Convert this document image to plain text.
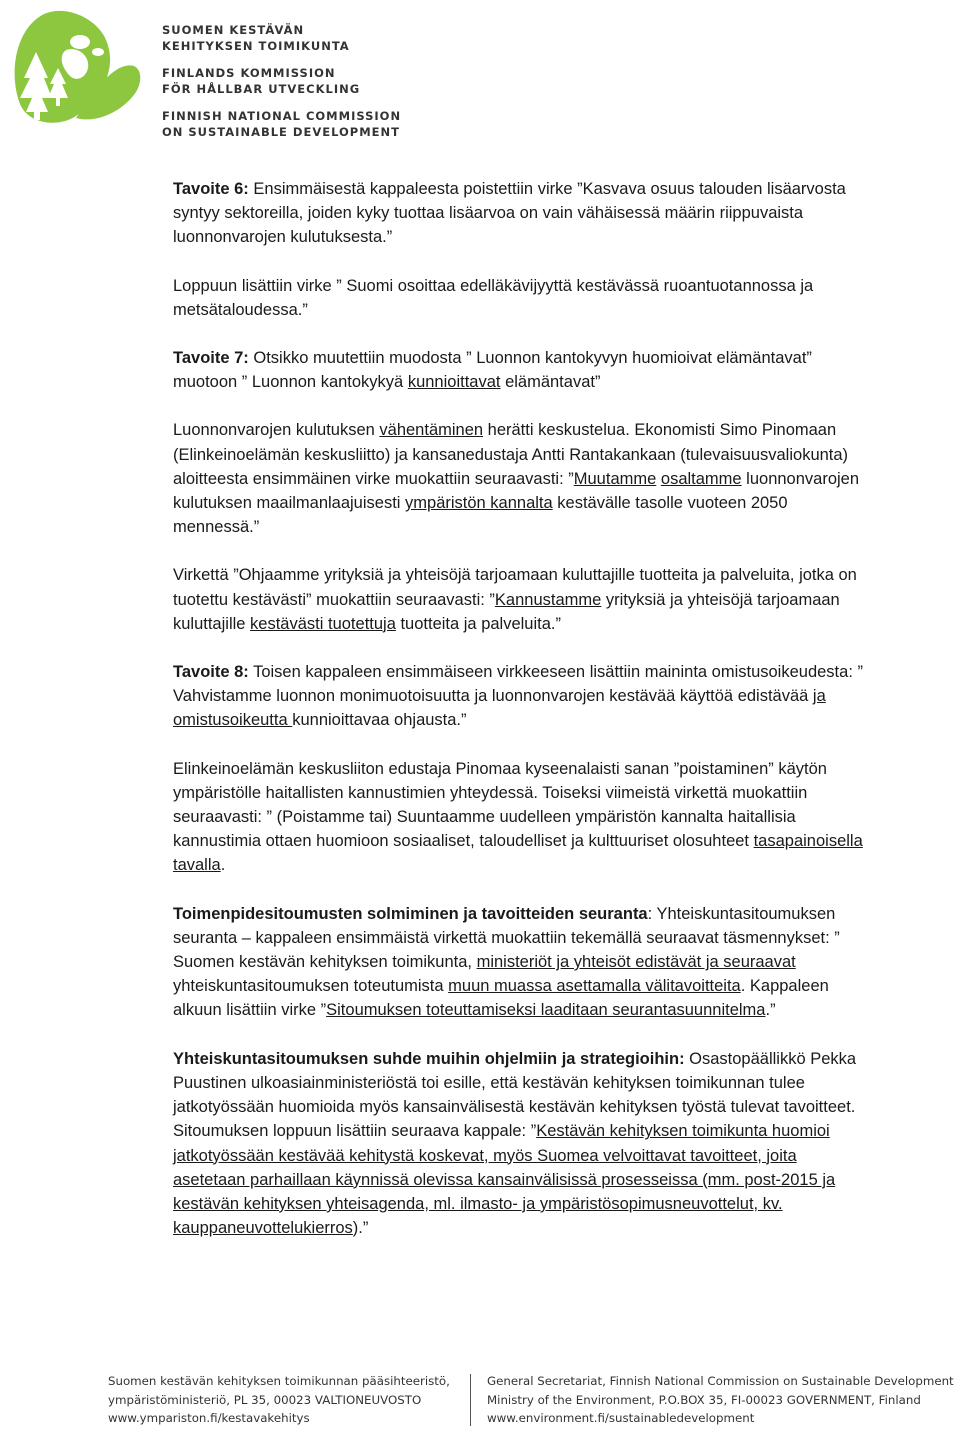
SUOMEN KESTÄVÄN
KEHITYKSEN TOIMIKUNTA
FINLANDS KOMMISSION
FÖR HÅLLBAR UTVECKLING
FINNISH NATIONAL COMMISSION
ON SUSTAINABLE DEVELOPMENT

Tavoite 6: Ensimmäisestä kappaleesta poistettiin virke ”Kasvava osuus talouden lisäarvosta syntyy sektoreilla, joiden kyky tuottaa lisäarvoa on vain vähäisessä määrin riippuvaista luonnonvarojen kulutuksesta.”

Loppuun lisättiin virke ” Suomi osoittaa edelläkävijyyttä kestävässä ruoantuotannossa ja metsätaloudessa.”

Tavoite 7: Otsikko muutettiin muodosta ” Luonnon kantokyvyn huomioivat elämäntavat” muotoon ” Luonnon kantokykyä kunnioittavat elämäntavat”

Luonnonvarojen kulutuksen vähentäminen herätti keskustelua. Ekonomisti Simo Pinomaan (Elinkeinoelämän keskusliitto) ja kansanedustaja Antti Rantakankaan (tulevaisuusvaliokunta) aloitteesta ensimmäinen virke muokattiin seuraavasti: ”Muutamme osaltamme luonnonvarojen kulutuksen maailmanlaajuisesti ympäristön kannalta kestävälle tasolle vuoteen 2050 mennessä.”

Virkettä ”Ohjaamme yrityksiä ja yhteisöjä tarjoamaan kuluttajille tuotteita ja palveluita, jotka on tuotettu kestävästi” muokattiin seuraavasti: ”Kannustamme yrityksiä ja yhteisöjä tarjoamaan kuluttajille kestävästi tuotettuja tuotteita ja palveluita.”

Tavoite 8: Toisen kappaleen ensimmäiseen virkkeeseen lisättiin maininta omistusoikeudesta: ” Vahvistamme luonnon monimuotoisuutta ja luonnonvarojen kestävää käyttöä edistävää ja omistusoikeutta kunnioittavaa ohjausta.”

Elinkeinoelämän keskusliiton edustaja Pinomaa kyseenalaisti sanan ”poistaminen” käytön ympäristölle haitallisten kannustimien yhteydessä. Toiseksi viimeistä virkettä muokattiin seuraavasti: ” (Poistamme tai) Suuntaamme uudelleen ympäristön kannalta haitallisia kannustimia ottaen huomioon sosiaaliset, taloudelliset ja kulttuuriset olosuhteet tasapainoisella tavalla.

Toimenpidesitoumusten solmiminen ja tavoitteiden seuranta: Yhteiskuntasitoumuksen seuranta – kappaleen ensimmäistä virkettä muokattiin tekemällä seuraavat täsmennykset: ” Suomen kestävän kehityksen toimikunta, ministeriöt ja yhteisöt edistävät ja seuraavat yhteiskuntasitoumuksen toteutumista muun muassa asettamalla välitavoitteita. Kappaleen alkuun lisättiin virke ”Sitoumuksen toteuttamiseksi laaditaan seurantasuunnitelma.”

Yhteiskuntasitoumuksen suhde muihin ohjelmiin ja strategioihin: Osastopäällikkö Pekka Puustinen ulkoasiainministeriöstä toi esille, että kestävän kehityksen toimikunnan tulee jatkotyössään huomioida myös kansainvälisestä kestävän kehityksen työstä tulevat tavoitteet. Sitoumuksen loppuun lisättiin seuraava kappale: ”Kestävän kehityksen toimikunta huomioi jatkotyössään kestävää kehitystä koskevat, myös Suomea velvoittavat tavoitteet, joita asetetaan parhaillaan käynnissä olevissa kansainvälisissä prosesseissa (mm. post-2015 ja kestävän kehityksen yhteisagenda, ml. ilmasto- ja ympäristösopimusneuvottelut, kv. kauppaneuvottelukierros).”

Suomen kestävän kehityksen toimikunnan pääsihteeristö,
ympäristöministeriö, PL 35, 00023 VALTIONEUVOSTO
www.ympariston.fi/kestavakehitys
General Secretariat, Finnish National Commission on Sustainable Development
Ministry of the Environment, P.O.BOX 35, FI-00023 GOVERNMENT, Finland
www.environment.fi/sustainabledevelopment
